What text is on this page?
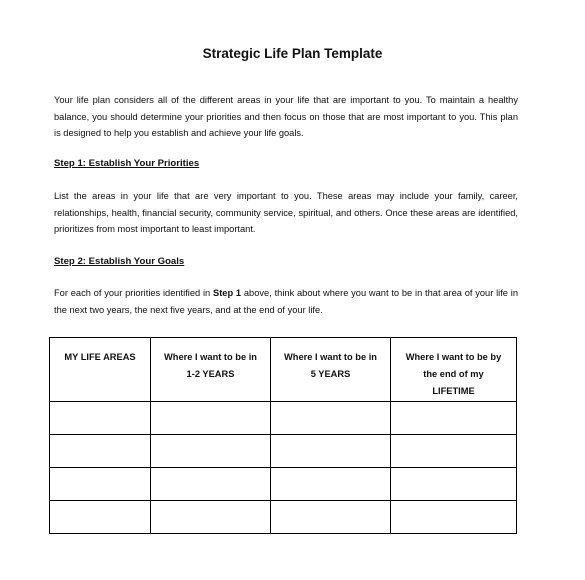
Strategic Life Plan Template
Your life plan considers all of the different areas in your life that are important to you. To maintain a healthy balance, you should determine your priorities and then focus on those that are most important to you. This plan is designed to help you establish and achieve your life goals.
Step 1: Establish Your Priorities
List the areas in your life that are very important to you. These areas may include your family, career, relationships, health, financial security, community service, spiritual, and others. Once these areas are identified, prioritizes from most important to least important.
Step 2: Establish Your Goals
For each of your priorities identified in Step 1 above, think about where you want to be in that area of your life in the next two years, the next five years, and at the end of your life.
MY LIFE AREAS	Where I want to be in 1-2 YEARS	Where I want to be in 5 YEARS	Where I want to be by the end of my LIFETIME
